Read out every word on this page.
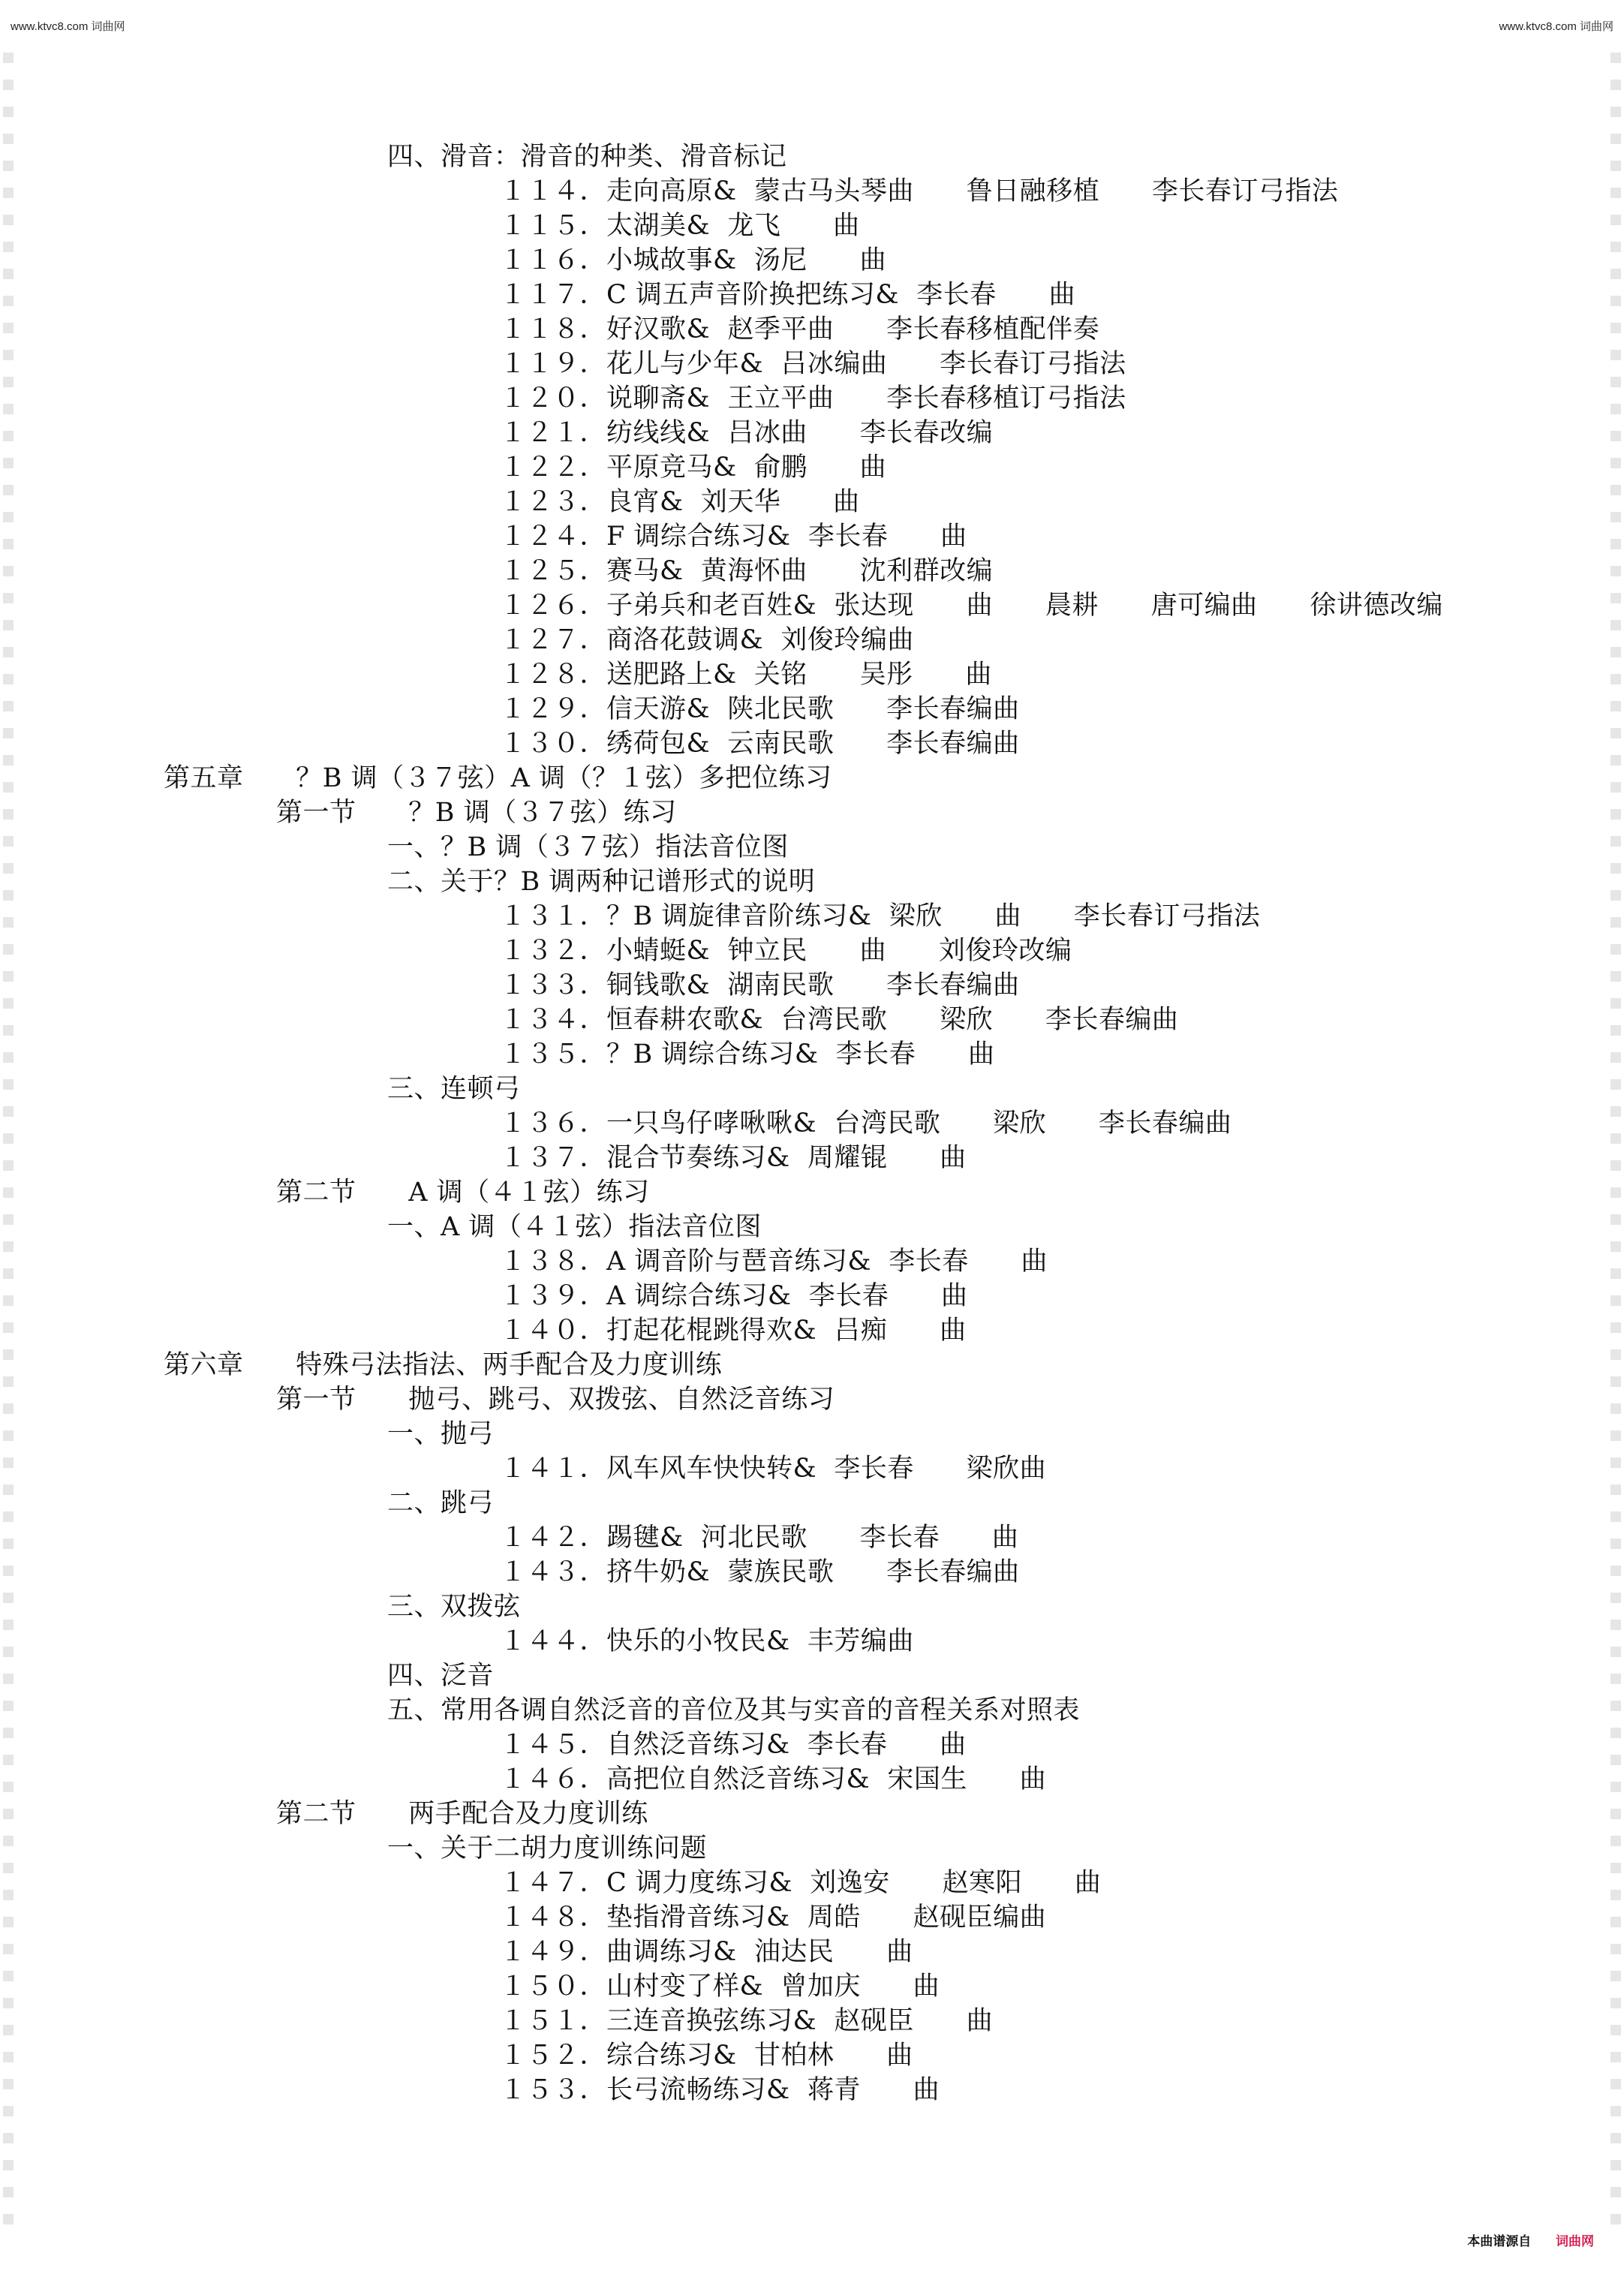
www.ktvc8.com 词曲网	www.ktvc8.com 词曲网
四、滑音：滑音的种类、滑音标记
１１４．走向高原&  蒙古马头琴曲      鲁日融移植      李长春订弓指法
１１５．太湖美&  龙飞      曲
１１６．小城故事&  汤尼      曲
１１７．C 调五声音阶换把练习&  李长春      曲
１１８．好汉歌&  赵季平曲      李长春移植配伴奏
１１９．花儿与少年&  吕冰编曲      李长春订弓指法
１２０．说聊斋&  王立平曲      李长春移植订弓指法
１２１．纺线线&  吕冰曲      李长春改编
１２２．平原竞马&  俞鹏      曲
１２３．良宵&  刘天华      曲
１２４．F 调综合练习&  李长春      曲
１２５．赛马&  黄海怀曲      沈利群改编
１２６．子弟兵和老百姓&  张达现      曲      晨耕      唐可编曲      徐讲德改编
１２７．商洛花鼓调&  刘俊玲编曲
１２８．送肥路上&  关铭      吴彤      曲
１２９．信天游&  陕北民歌      李长春编曲
１３０．绣荷包&  云南民歌      李长春编曲
第五章      ？B 调（３７弦）A 调（？１弦）多把位练习
第一节      ？B 调（３７弦）练习
一、？B 调（３７弦）指法音位图
二、关于？B 调两种记谱形式的说明
１３１．？B 调旋律音阶练习&  梁欣      曲      李长春订弓指法
１３２．小蜻蜓&  钟立民      曲      刘俊玲改编
１３３．铜钱歌&  湖南民歌      李长春编曲
１３４．恒春耕农歌&  台湾民歌      梁欣      李长春编曲
１３５．？B 调综合练习&  李长春      曲
三、连顿弓
１３６．一只鸟仔哮啾啾&  台湾民歌      梁欣      李长春编曲
１３７．混合节奏练习&  周耀锟      曲
第二节      A 调（４１弦）练习
一、A 调（４１弦）指法音位图
１３８．A 调音阶与琶音练习&  李长春      曲
１３９．A 调综合练习&  李长春      曲
１４０．打起花棍跳得欢&  吕痴      曲
第六章      特殊弓法指法、两手配合及力度训练
第一节      抛弓、跳弓、双拨弦、自然泛音练习
一、抛弓
１４１．风车风车快快转&  李长春      梁欣曲
二、跳弓
１４２．踢毽&  河北民歌      李长春      曲
１４３．挤牛奶&  蒙族民歌      李长春编曲
三、双拨弦
１４４．快乐的小牧民&  丰芳编曲
四、泛音
五、常用各调自然泛音的音位及其与实音的音程关系对照表
１４５．自然泛音练习&  李长春      曲
１４６．高把位自然泛音练习&  宋国生      曲
第二节      两手配合及力度训练
一、关于二胡力度训练问题
１４７．C 调力度练习&  刘逸安      赵寒阳      曲
１４８．垫指滑音练习&  周皓      赵砚臣编曲
１４９．曲调练习&  油达民      曲
１５０．山村变了样&  曾加庆      曲
１５１．三连音换弦练习&  赵砚臣      曲
１５２．综合练习&  甘柏林      曲
１５３．长弓流畅练习&  蒋青      曲
本曲谱源自 词曲网
